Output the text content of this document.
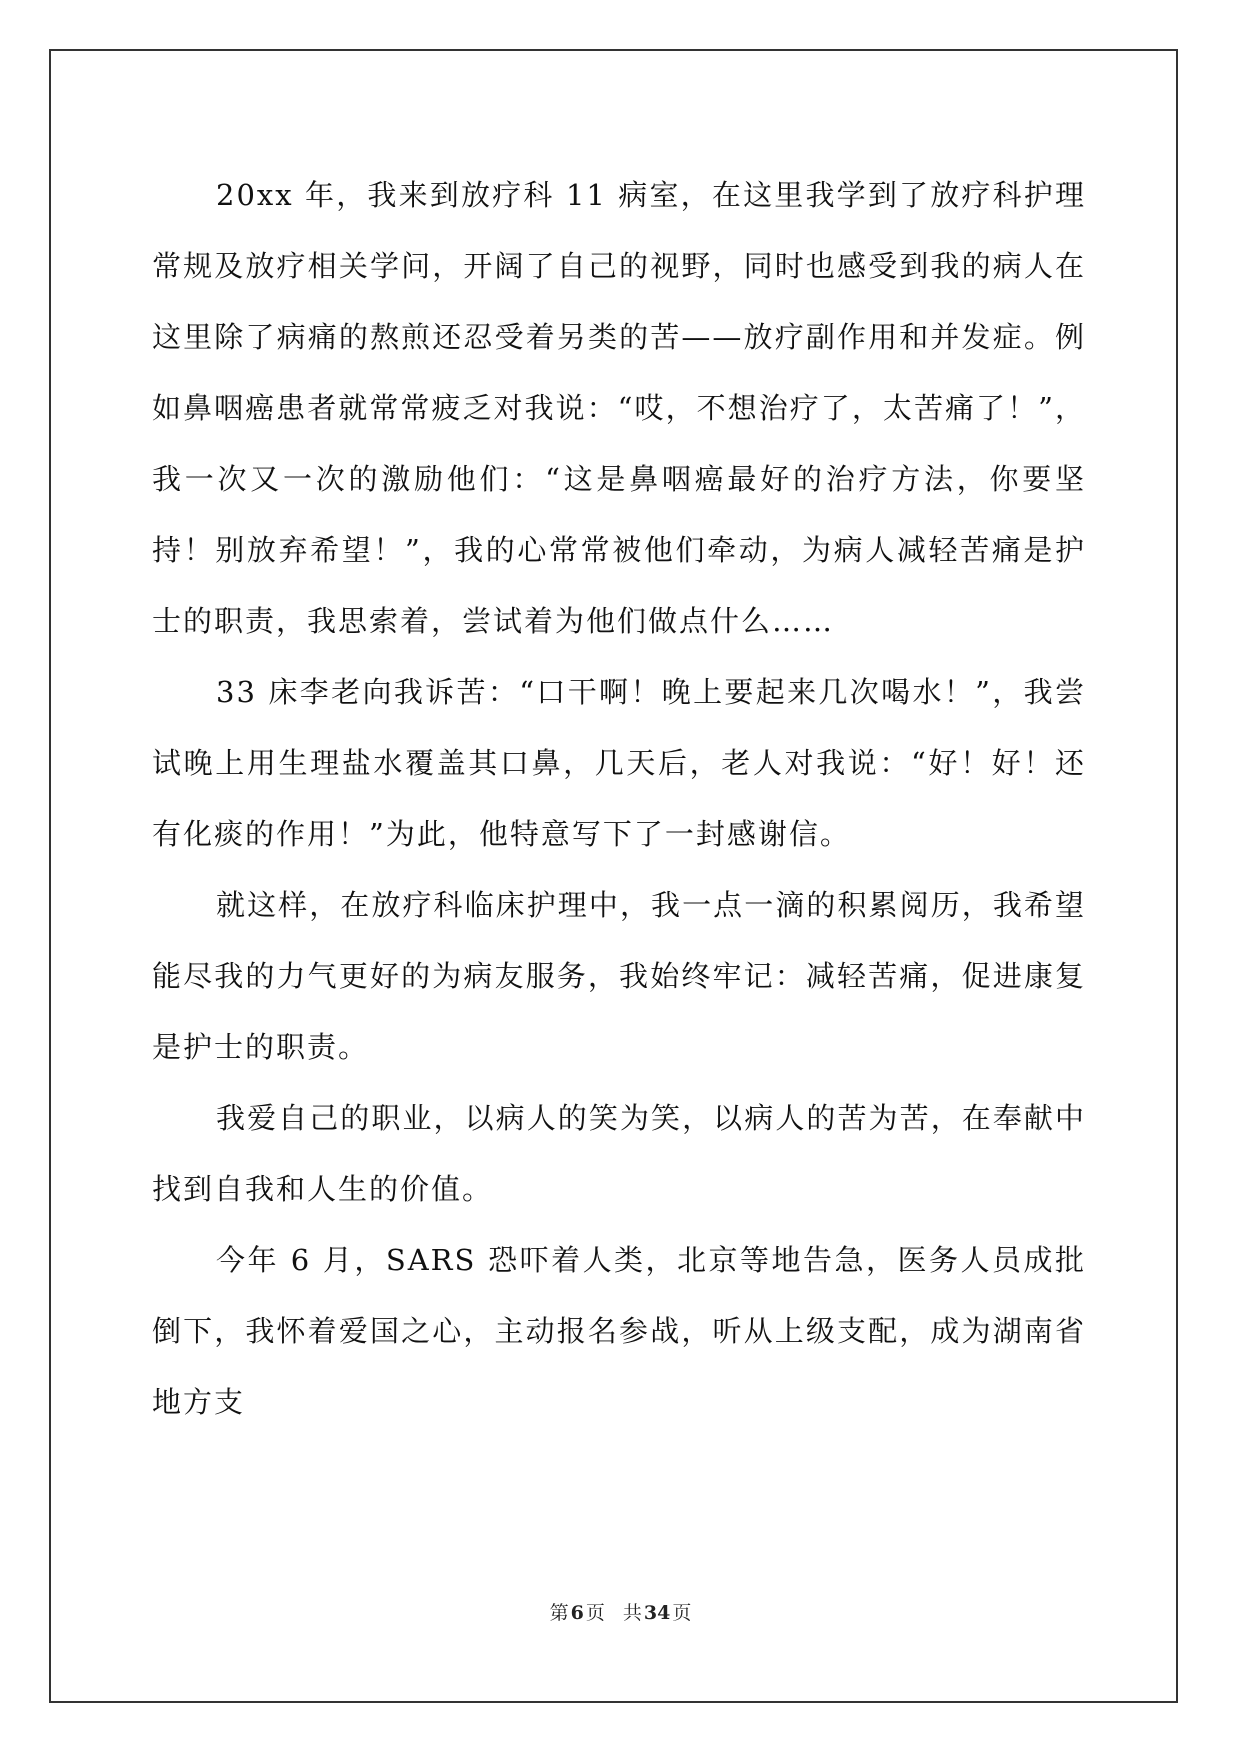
20xx 年，我来到放疗科 11 病室，在这里我学到了放疗科护理常规及放疗相关学问，开阔了自己的视野，同时也感受到我的病人在这里除了病痛的熬煎还忍受着另类的苦——放疗副作用和并发症。例如鼻咽癌患者就常常疲乏对我说：“哎，不想治疗了，太苦痛了！”，我一次又一次的激励他们：“这是鼻咽癌最好的治疗方法，你要坚持！别放弃希望！”，我的心常常被他们牵动，为病人减轻苦痛是护士的职责，我思索着，尝试着为他们做点什么……

33 床李老向我诉苦：“口干啊！晚上要起来几次喝水！”，我尝试晚上用生理盐水覆盖其口鼻，几天后，老人对我说：“好！好！还有化痰的作用！”为此，他特意写下了一封感谢信。

就这样，在放疗科临床护理中，我一点一滴的积累阅历，我希望能尽我的力气更好的为病友服务，我始终牢记：减轻苦痛，促进康复是护士的职责。

我爱自己的职业，以病人的笑为笑，以病人的苦为苦，在奉献中找到自我和人生的价值。

今年 6 月，SARS 恐吓着人类，北京等地告急，医务人员成批倒下，我怀着爱国之心，主动报名参战，听从上级支配，成为湖南省地方支

第 6 页 共 34 页
